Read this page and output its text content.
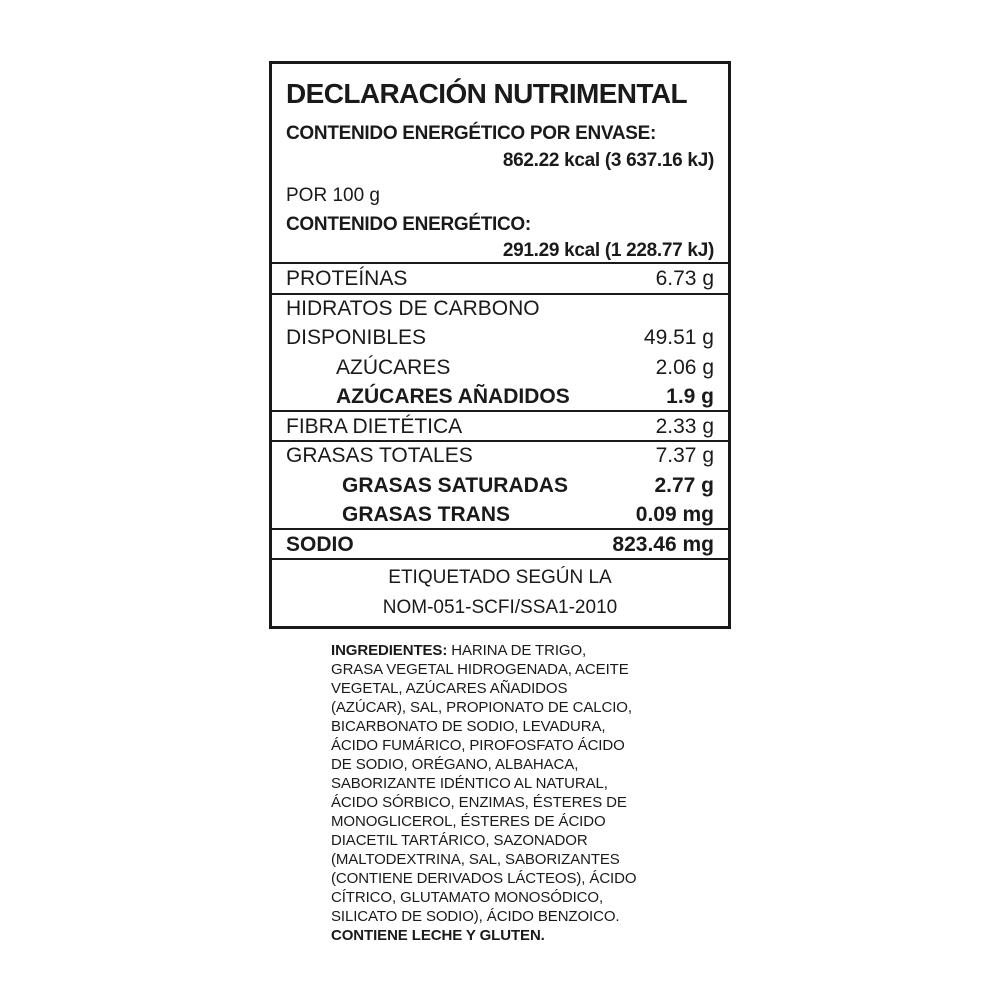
DECLARACIÓN NUTRIMENTAL
CONTENIDO ENERGÉTICO POR ENVASE:
862.22 kcal (3 637.16 kJ)
POR 100 g
CONTENIDO ENERGÉTICO:
291.29 kcal (1 228.77 kJ)
PROTEÍNAS	6.73 g
HIDRATOS DE CARBONO
DISPONIBLES	49.51 g
AZÚCARES	2.06 g
AZÚCARES AÑADIDOS	1.9 g
FIBRA DIETÉTICA	2.33 g
GRASAS TOTALES	7.37 g
GRASAS SATURADAS	2.77 g
GRASAS TRANS	0.09 mg
SODIO	823.46 mg
ETIQUETADO SEGÚN LA
NOM-051-SCFI/SSA1-2010
INGREDIENTES: HARINA DE TRIGO,
GRASA VEGETAL HIDROGENADA, ACEITE
VEGETAL, AZÚCARES AÑADIDOS
(AZÚCAR), SAL, PROPIONATO DE CALCIO,
BICARBONATO DE SODIO, LEVADURA,
ÁCIDO FUMÁRICO, PIROFOSFATO ÁCIDO
DE SODIO, ORÉGANO, ALBAHACA,
SABORIZANTE IDÉNTICO AL NATURAL,
ÁCIDO SÓRBICO, ENZIMAS, ÉSTERES DE
MONOGLICEROL, ÉSTERES DE ÁCIDO
DIACETIL TARTÁRICO, SAZONADOR
(MALTODEXTRINA, SAL, SABORIZANTES
(CONTIENE DERIVADOS LÁCTEOS), ÁCIDO
CÍTRICO, GLUTAMATO MONOSÓDICO,
SILICATO DE SODIO), ÁCIDO BENZOICO.
CONTIENE LECHE Y GLUTEN.
